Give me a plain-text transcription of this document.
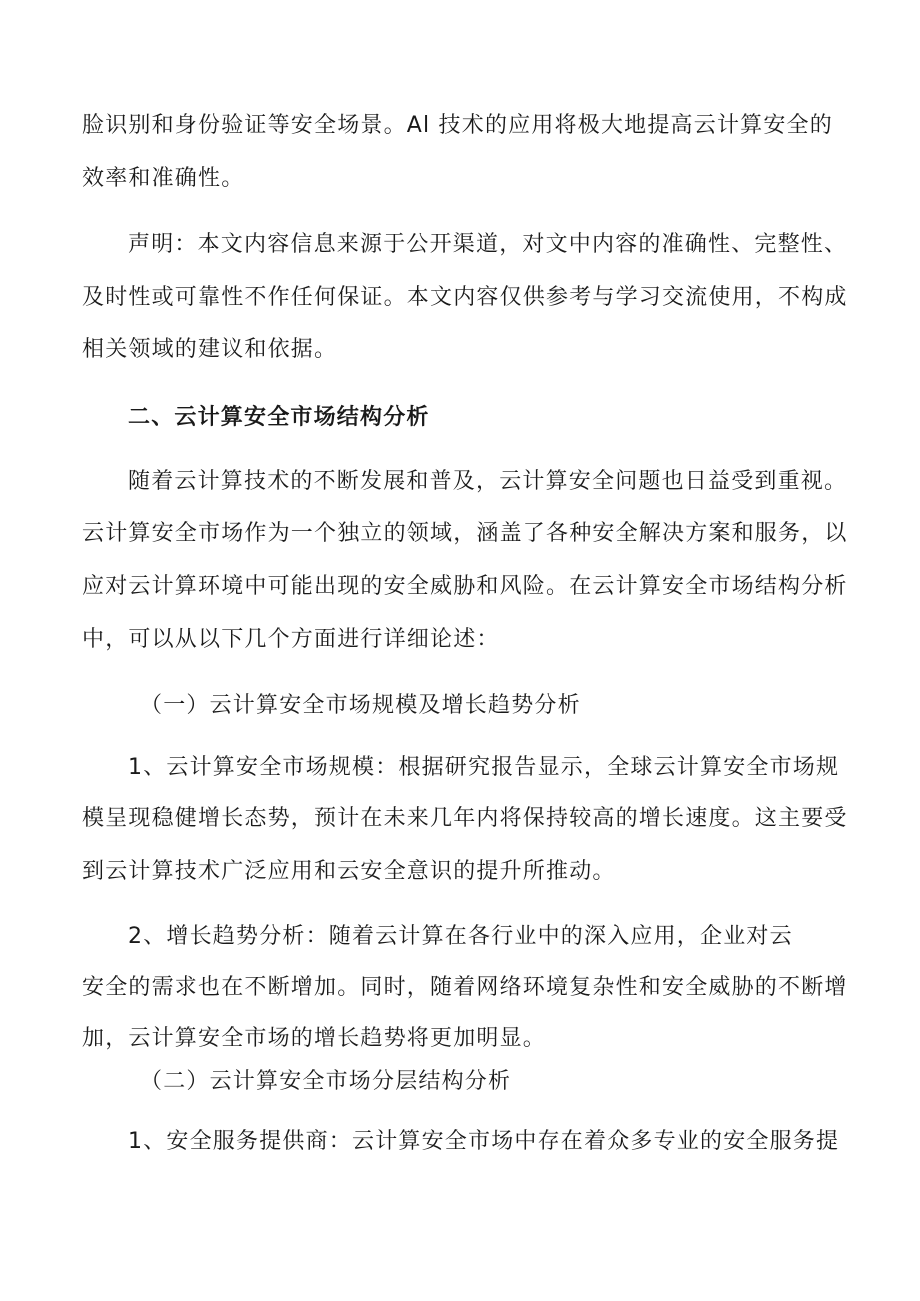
脸识别和身份验证等安全场景。Al 技术的应用将极大地提高云计算安全的
效率和准确性。
声明：本文内容信息来源于公开渠道，对文中内容的准确性、完整性、
及时性或可靠性不作任何保证。本文内容仅供参考与学习交流使用，不构成
相关领域的建议和依据。
二、云计算安全市场结构分析
随着云计算技术的不断发展和普及，云计算安全问题也日益受到重视。
云计算安全市场作为一个独立的领域，涵盖了各种安全解决方案和服务，以
应对云计算环境中可能出现的安全威胁和风险。在云计算安全市场结构分析
中，可以从以下几个方面进行详细论述：
（一）云计算安全市场规模及增长趋势分析
1、云计算安全市场规模：根据研究报告显示，全球云计算安全市场规
模呈现稳健增长态势，预计在未来几年内将保持较高的增长速度。这主要受
到云计算技术广泛应用和云安全意识的提升所推动。
2、增长趋势分析：随着云计算在各行业中的深入应用，企业对云
安全的需求也在不断增加。同时，随着网络环境复杂性和安全威胁的不断增
加，云计算安全市场的增长趋势将更加明显。
（二）云计算安全市场分层结构分析
1、安全服务提供商：云计算安全市场中存在着众多专业的安全服务提
